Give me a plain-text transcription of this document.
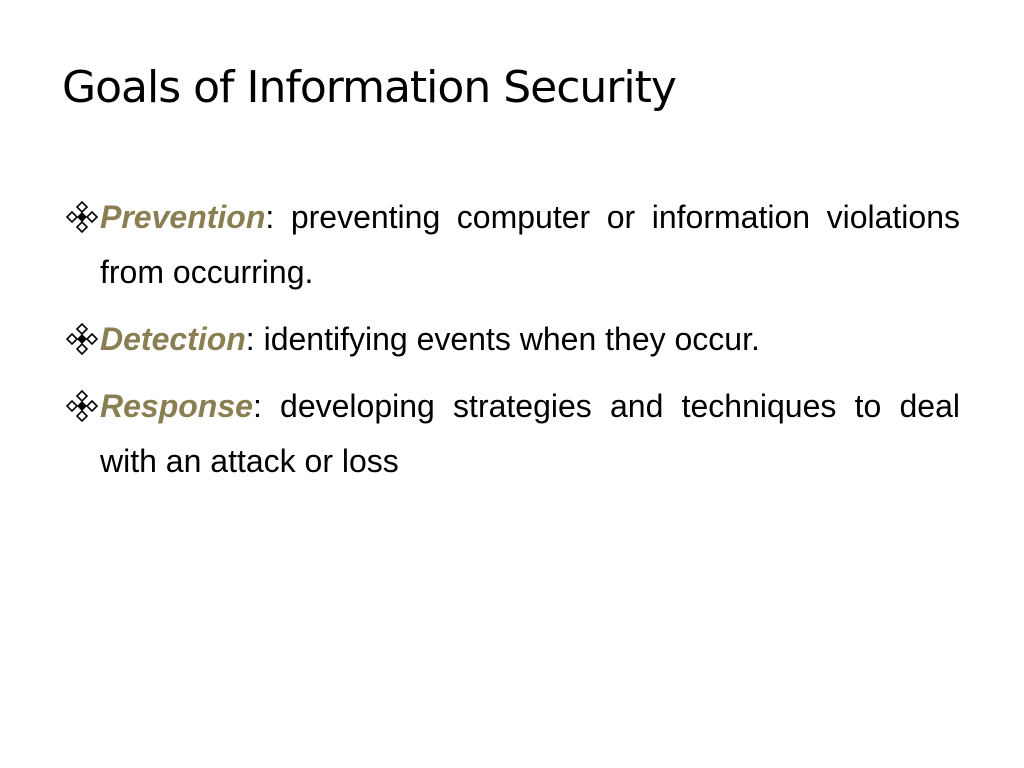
Goals of Information Security
Prevention: preventing computer or information violations from occurring.
Detection: identifying events when they occur.
Response: developing strategies and techniques to deal with an attack or loss
